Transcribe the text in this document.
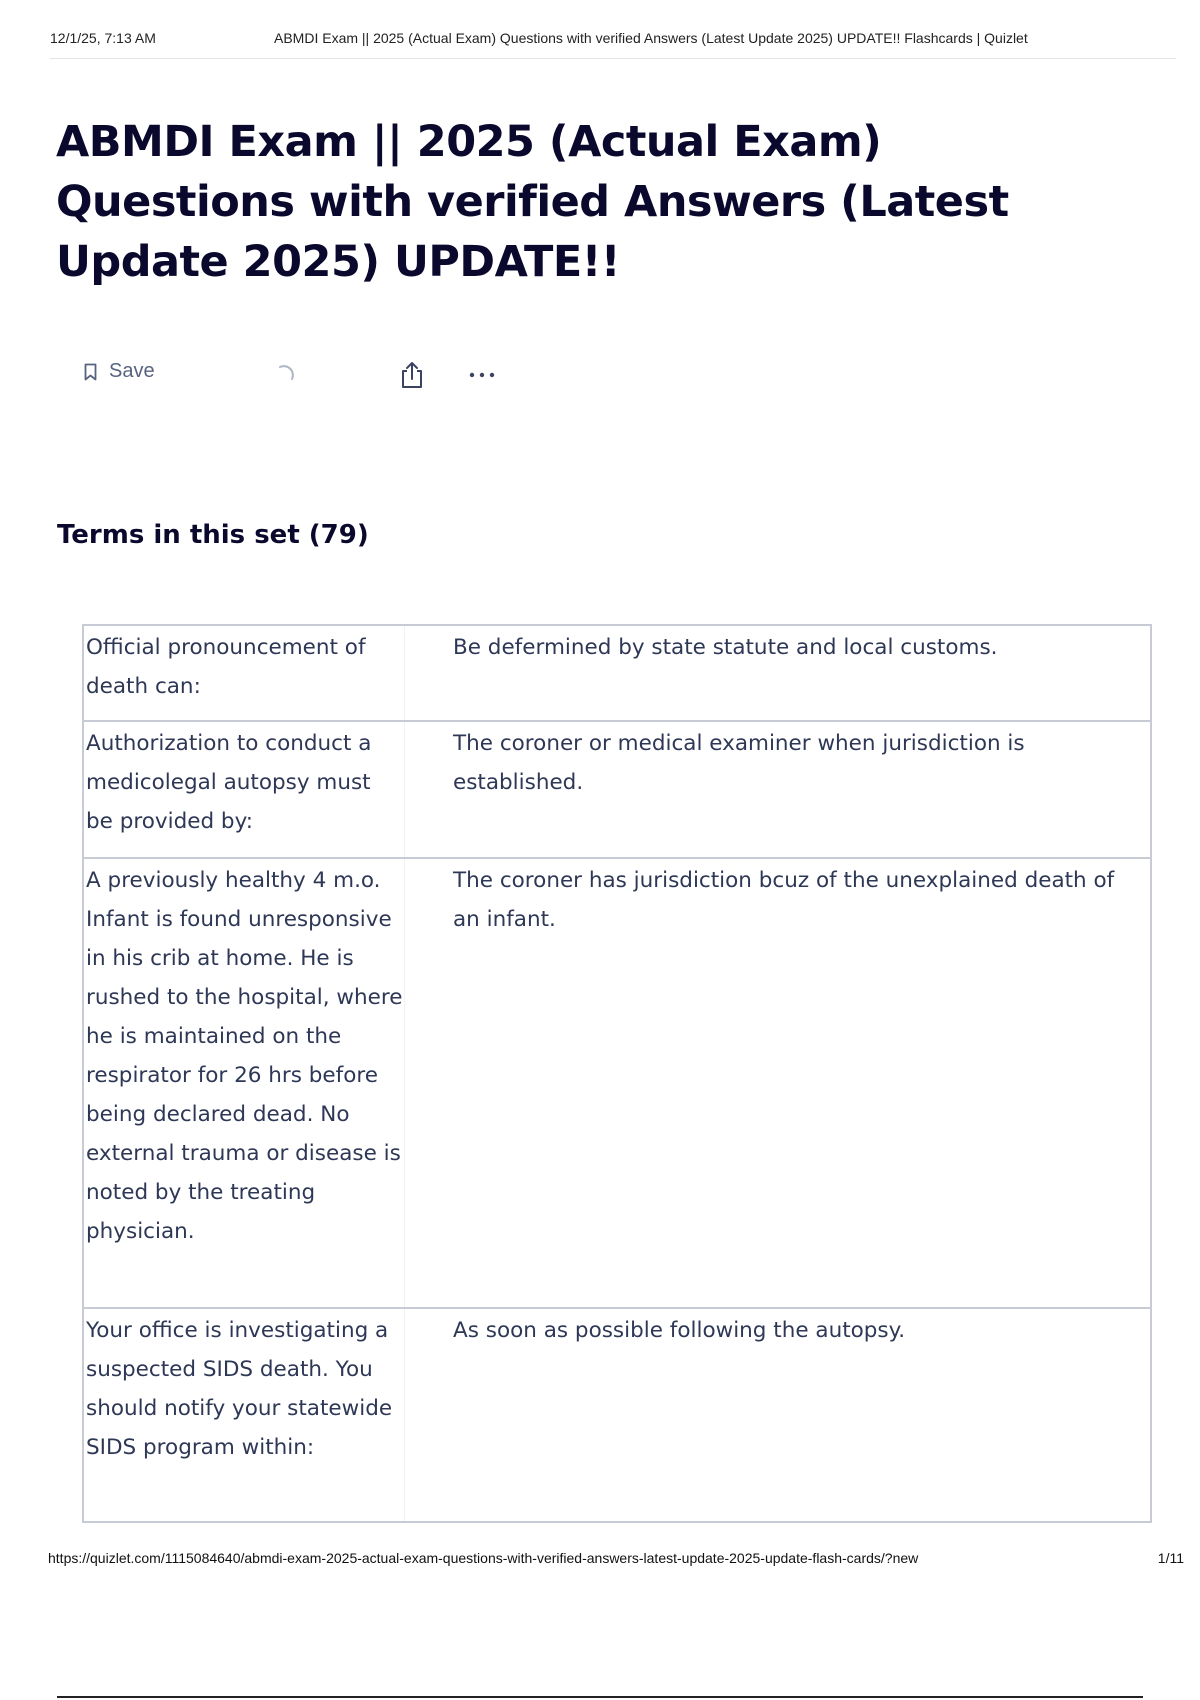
12/1/25, 7:13 AM	ABMDI Exam || 2025 (Actual Exam) Questions with verified Answers (Latest Update 2025) UPDATE!! Flashcards | Quizlet
ABMDI Exam || 2025 (Actual Exam) Questions with verified Answers (Latest Update 2025) UPDATE!!
Save
Terms in this set (79)
Official pronouncement of death can:	Be defermined by state statute and local customs.
Authorization to conduct a medicolegal autopsy must be provided by:	The coroner or medical examiner when jurisdiction is established.
A previously healthy 4 m.o. Infant is found unresponsive in his crib at home. He is rushed to the hospital, where he is maintained on the respirator for 26 hrs before being declared dead. No external trauma or disease is noted by the treating physician.	The coroner has jurisdiction bcuz of the unexplained death of an infant.
Your office is investigating a suspected SIDS death. You should notify your statewide SIDS program within:	As soon as possible following the autopsy.
https://quizlet.com/1115084640/abmdi-exam-2025-actual-exam-questions-with-verified-answers-latest-update-2025-update-flash-cards/?new	1/11
